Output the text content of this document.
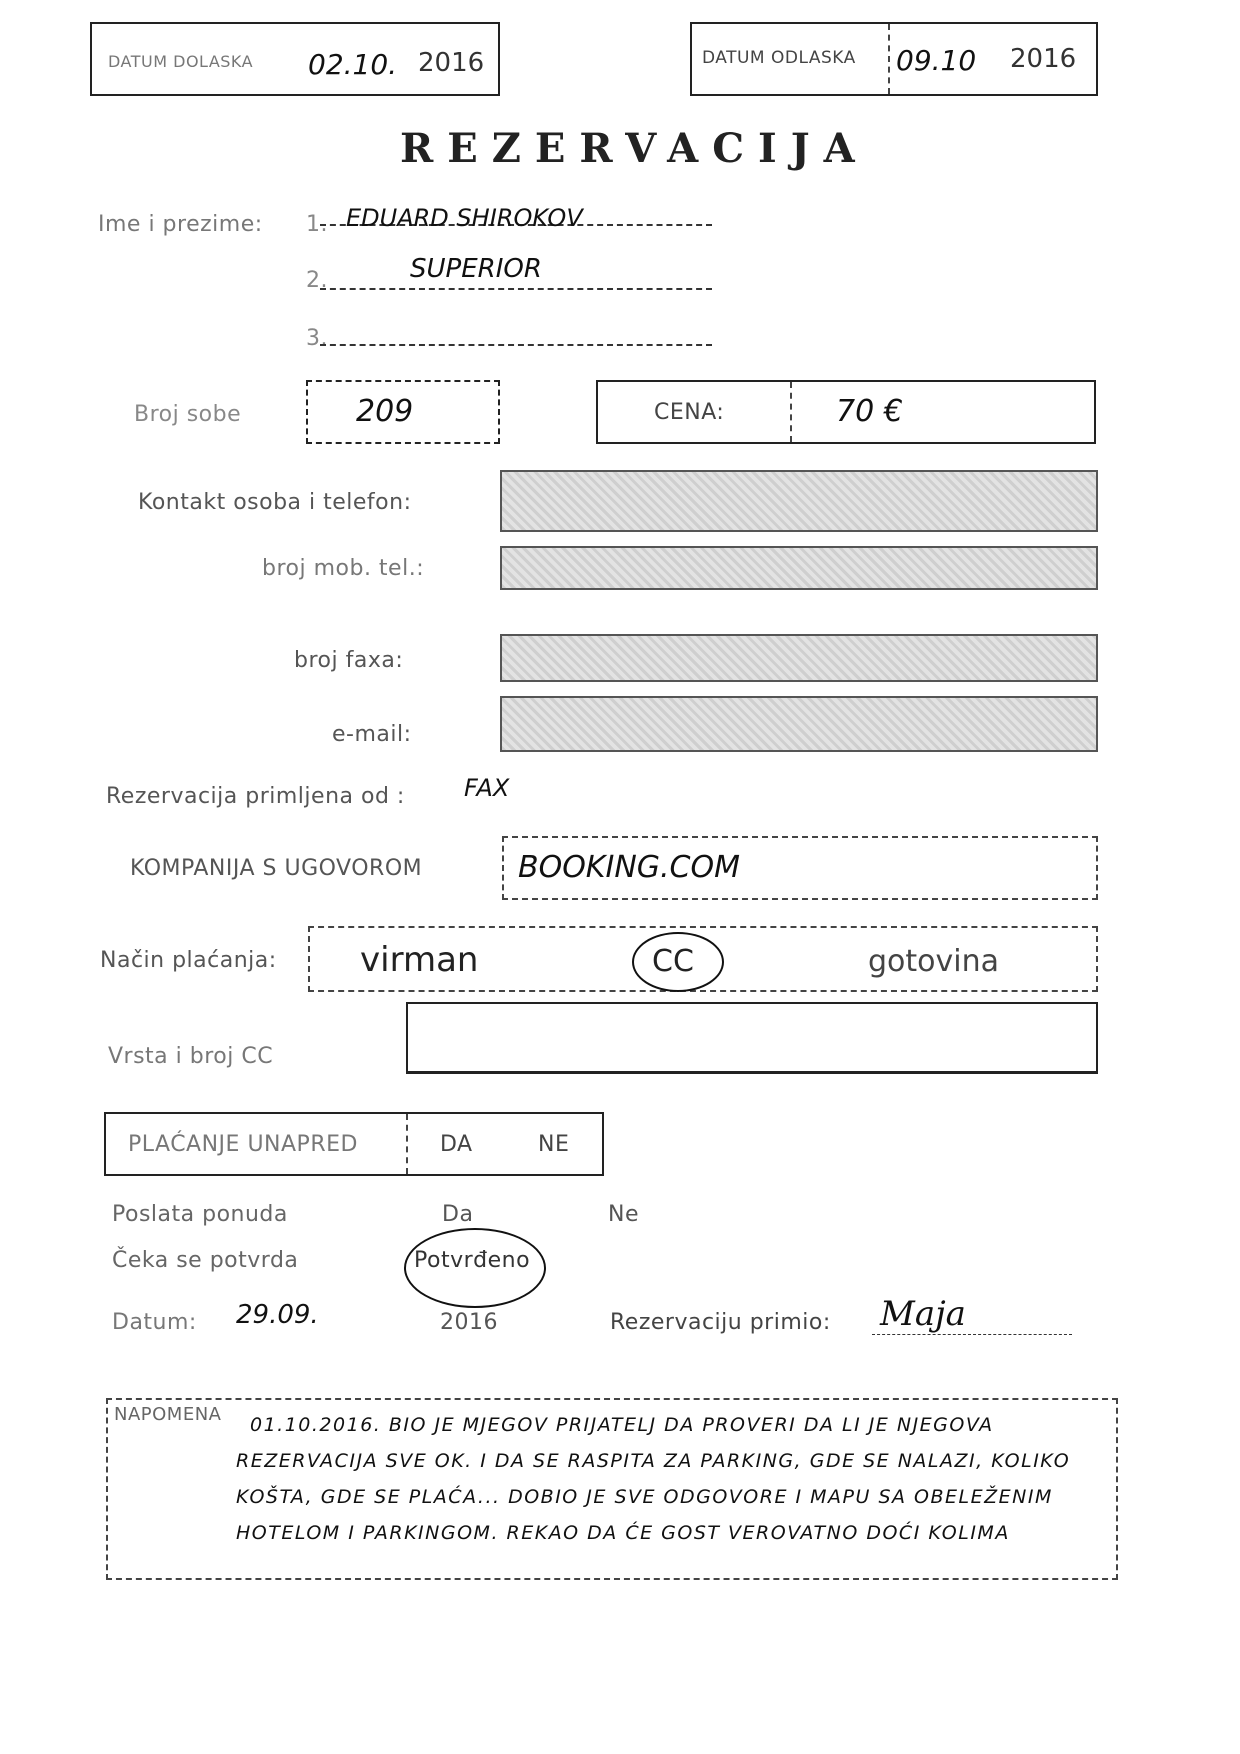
DATUM DOLASKA 02.10. 2016	DATUM ODLASKA 09.10 2016
REZERVACIJA
Ime i prezime: 1. EDUARD SHIROKOV
2.	SUPERIOR
3.
Broj sobe	209	CENA:	70 €
Kontakt osoba i telefon:
broj mob. tel.:
broj faxa:
e-mail:
Rezervacija primljena od : FAX
KOMPANIJA S UGOVOROM	BOOKING.COM
Način plaćanja: virman	CC	gotovina
Vrsta i broj CC
PLAĆANJE UNAPRED	DA	NE
Poslata ponuda	Da	Ne
Čeka se potvrda	Potvrđeno
Datum: 29.09.	2016	Rezervaciju primio: Maja
NAPOMENA 01.10.2016. BIO JE MJEGOV PRIJATELJ DA PROVERI DA LI JE NJEGOVA
REZERVACIJA SVE OK. I DA SE RASPITA ZA PARKING, GDE SE NALAZI, KOLIKO
KOŠTA, GDE SE PLAĆA... DOBIO JE SVE ODGOVORE I MAPU SA OBELEŽENIM
HOTELOM I PARKINGOM. REKAO DA ĆE GOST VEROVATNO DOĆI KOLIMA
